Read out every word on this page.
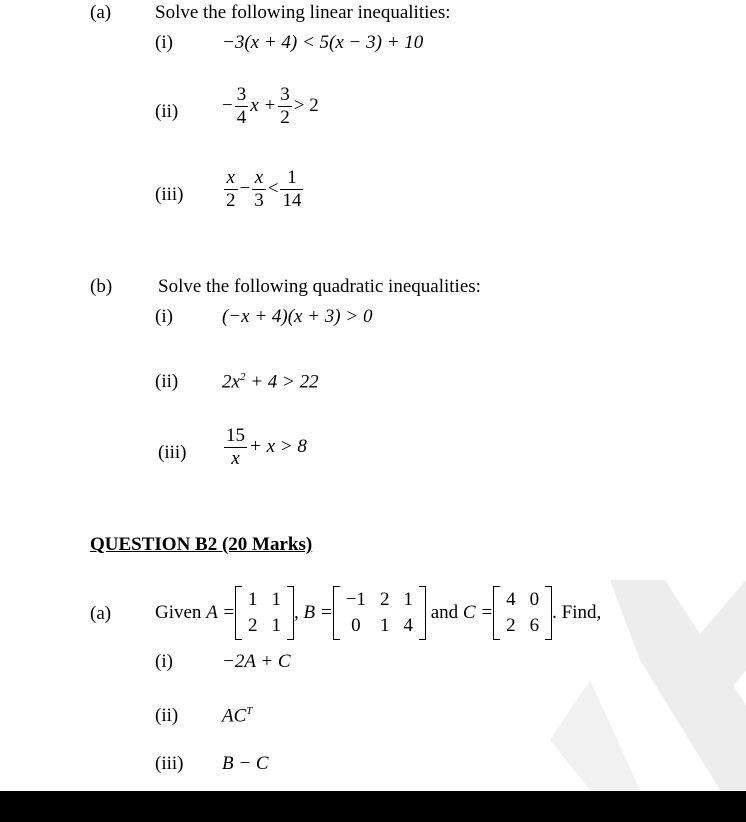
(a) Solve the following linear inequalities:
(i)	−3(x + 4) < 5(x − 3) + 10
$(ii) - \frac{3}{4}$ $x + \frac{3}{2} > 2$
$(iii) \frac{x}{2} - \frac{x}{3} < \frac{1}{14}$
(b) Solve the following quadratic inequalities:
(i)	(−x + 4)(x + 3) > 0
(ii) $2x^2 + 4 > 22$
$(iii) \frac{15}{x} + x > 8$
QUESTION B2 (20 Marks)
(a) Given
A =
1 1
2 1
, B =
−1 2 1
0 1 4

and
C =
4 0
2 6
. Find,
(i)	−2A + C
(ii) $AC^T$
(iii) B − C
